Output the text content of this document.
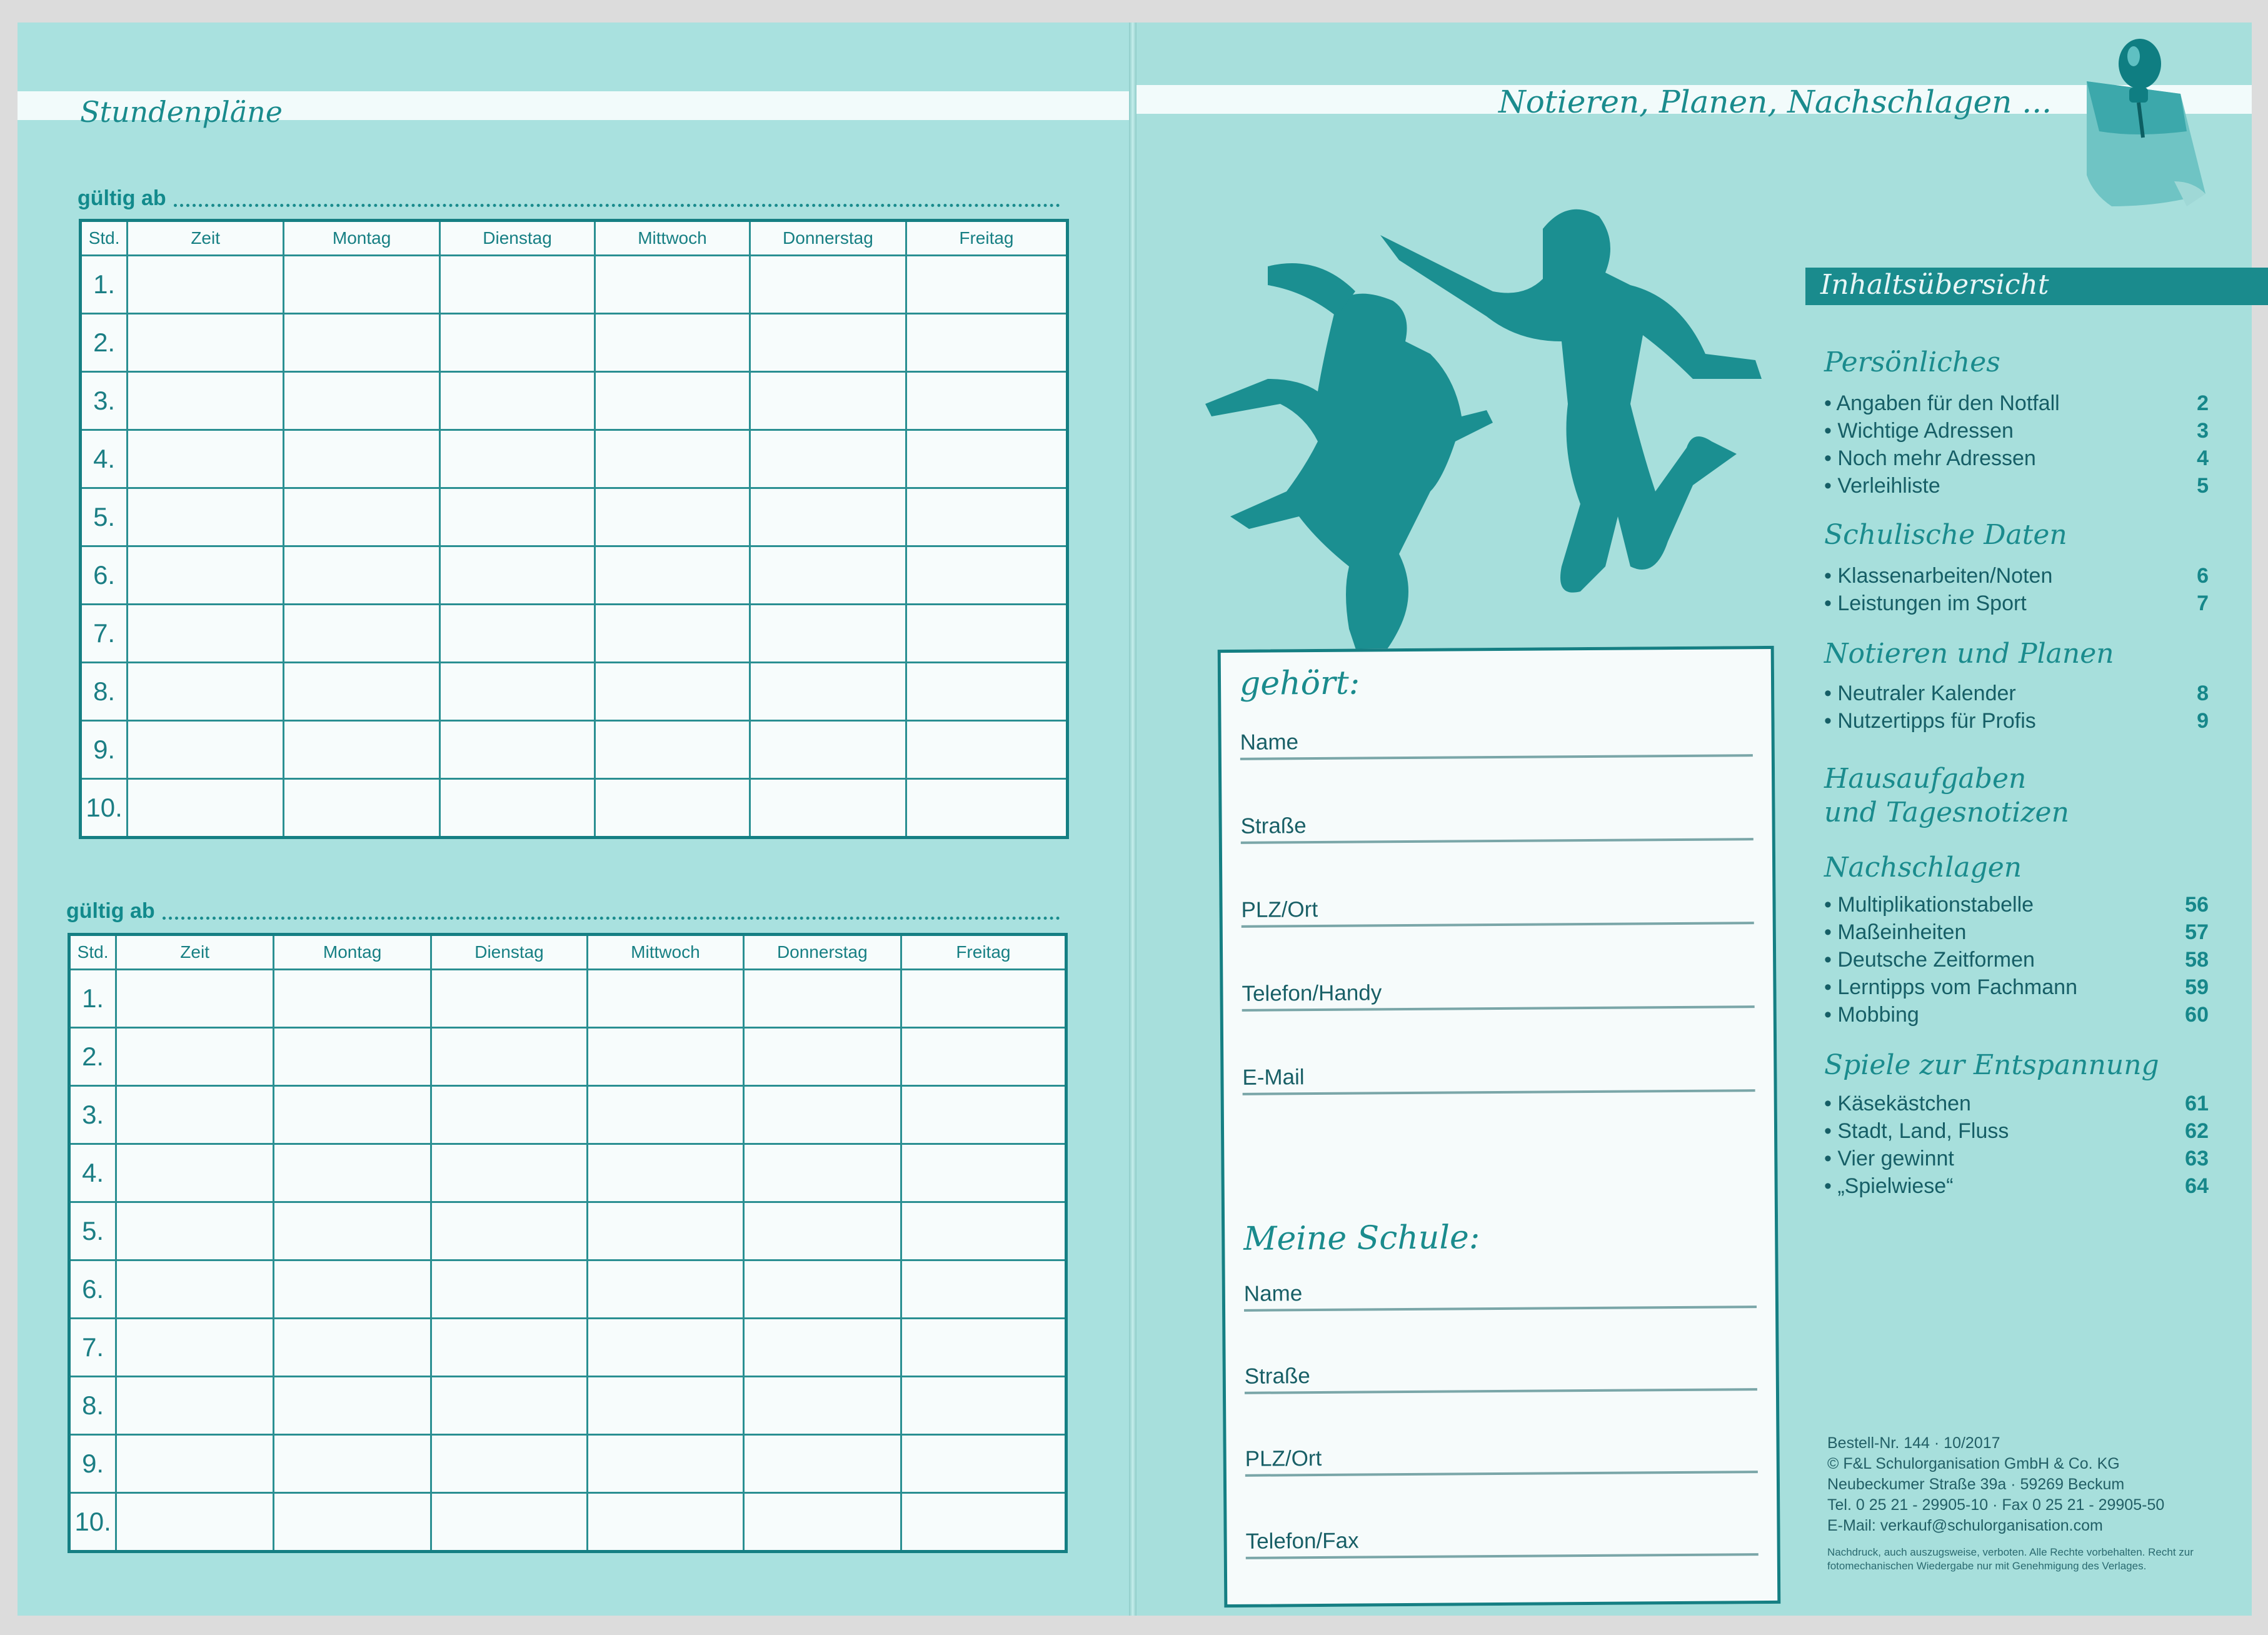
Stundenpläne
gültig ab
Std.	Zeit	Montag	Dienstag	Mittwoch	Donnerstag	Freitag
1.						
2.						
3.						
4.						
5.						
6.						
7.						
8.						
9.						
10.						
gültig ab
Std.	Zeit	Montag	Dienstag	Mittwoch	Donnerstag	Freitag
1.						
2.						
3.						
4.						
5.						
6.						
7.						
8.						
9.						
10.						
Notieren, Planen, Nachschlagen ...
gehört:
Name
Straße
PLZ/Ort
Telefon/Handy
E-Mail
Meine Schule:
Name
Straße
PLZ/Ort
Telefon/Fax
Inhaltsübersicht
Persönliches
• Angaben für den Notfall	2
• Wichtige Adressen	3
• Noch mehr Adressen	4
• Verleihliste	5
Schulische Daten
• Klassenarbeiten/Noten	6
• Leistungen im Sport	7
Notieren und Planen
• Neutraler Kalender	8
• Nutzertipps für Profis	9
Hausaufgaben
und Tagesnotizen
Nachschlagen
• Multiplikationstabelle	56
• Maßeinheiten	57
• Deutsche Zeitformen	58
• Lerntipps vom Fachmann	59
• Mobbing	60
Spiele zur Entspannung
• Käsekästchen	61
• Stadt, Land, Fluss	62
• Vier gewinnt	63
• „Spielwiese“	64
Bestell-Nr. 144 · 10/2017
© F&L Schulorganisation GmbH & Co. KG
Neubeckumer Straße 39a · 59269 Beckum
Tel. 0 25 21 - 29905-10 · Fax 0 25 21 - 29905-50
E-Mail: verkauf@schulorganisation.com
Nachdruck, auch auszugsweise, verboten. Alle Rechte vorbehalten. Recht zur fotomechanischen Wiedergabe nur mit Genehmigung des Verlages.
